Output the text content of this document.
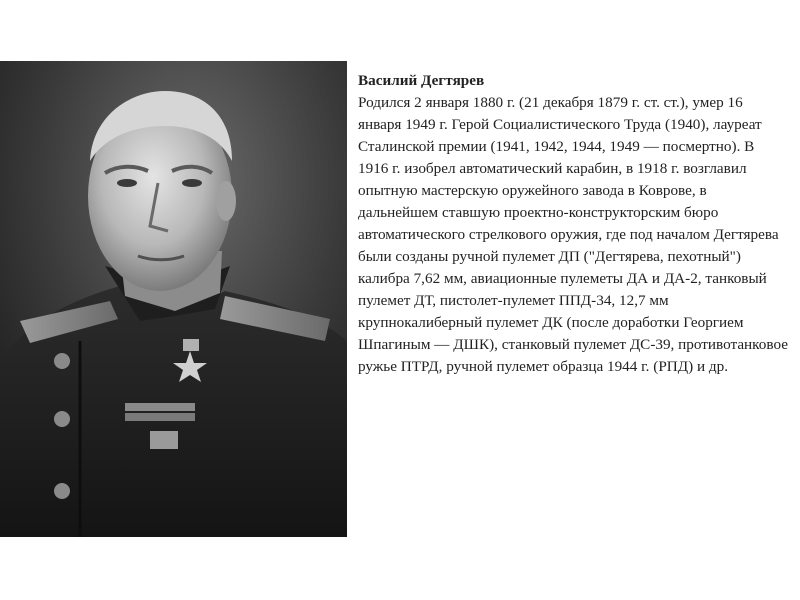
Василий Дегтярев
Родился 2 января 1880 г. (21 декабря 1879 г. ст. ст.), умер 16 января 1949 г. Герой Социалистического Труда (1940), лауреат Сталинской премии (1941, 1942, 1944, 1949 — посмертно). В 1916 г. изобрел автоматический карабин, в 1918 г. возглавил опытную мастерскую оружейного завода в Коврове, в дальнейшем ставшую проектно-конструкторским бюро автоматического стрелкового оружия, где под началом Дегтярева были созданы ручной пулемет ДП ("Дегтярева, пехотный") калибра 7,62 мм, авиационные пулеметы ДА и ДА-2, танковый пулемет ДТ, пистолет-пулемет ППД-34, 12,7 мм крупнокалиберный пулемет ДК (после доработки Георгием Шпагиным — ДШК), станковый пулемет ДС-39, противотанковое ружье ПТРД, ручной пулемет образца 1944 г. (РПД) и др.
